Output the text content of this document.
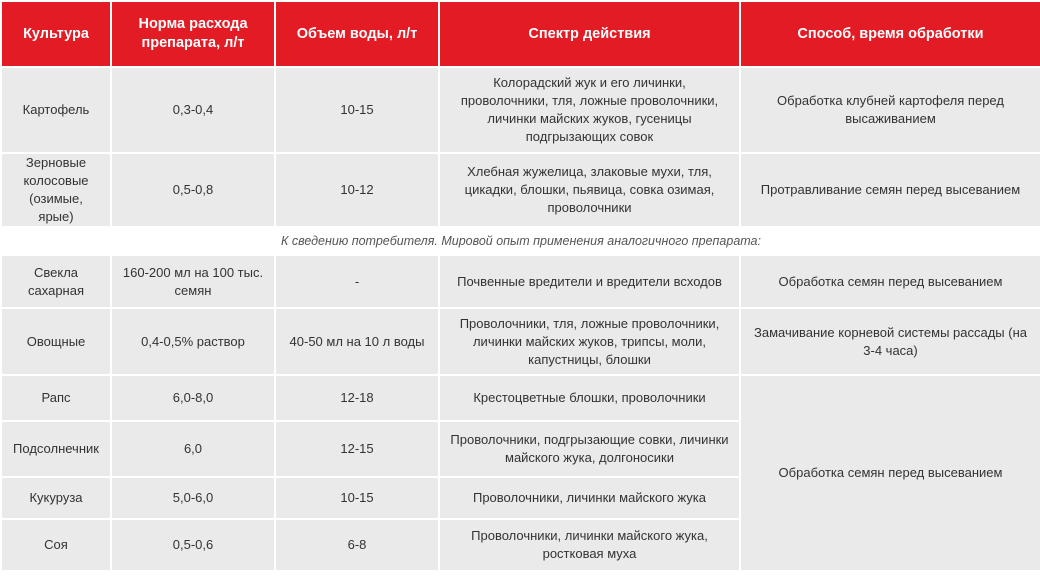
Культура	Норма расхода препарата, л/т	Объем воды, л/т	Спектр действия	Способ, время обработки
Картофель	0,3-0,4	10-15	Колорадский жук и его личинки, проволочники, тля, ложные проволочники, личинки майских жуков, гусеницы подгрызающих совок	Обработка клубней картофеля перед высаживанием
Зерновые колосовые (озимые, ярые)	0,5-0,8	10-12	Хлебная жужелица, злаковые мухи, тля, цикадки, блошки, пьявица, совка озимая, проволочники	Протравливание семян перед высеванием
К сведению потребителя. Мировой опыт применения аналогичного препарата:				
Свекла сахарная	160-200 мл на 100 тыс. семян	-	Почвенные вредители и вредители всходов	Обработка семян перед высеванием
Овощные	0,4-0,5% раствор	40-50 мл на 10 л воды	Проволочники, тля, ложные проволочники, личинки майских жуков, трипсы, моли, капустницы, блошки	Замачивание корневой системы рассады (на 3-4 часа)
Рапс	6,0-8,0	12-18	Крестоцветные блошки, проволочники	Обработка семян перед высеванием
Подсолнечник	6,0	12-15	Проволочники, подгрызающие совки, личинки майского жука, долгоносики	
Кукуруза	5,0-6,0	10-15	Проволочники, личинки майского жука	
Соя	0,5-0,6	6-8	Проволочники, личинки майского жука, ростковая муха	
